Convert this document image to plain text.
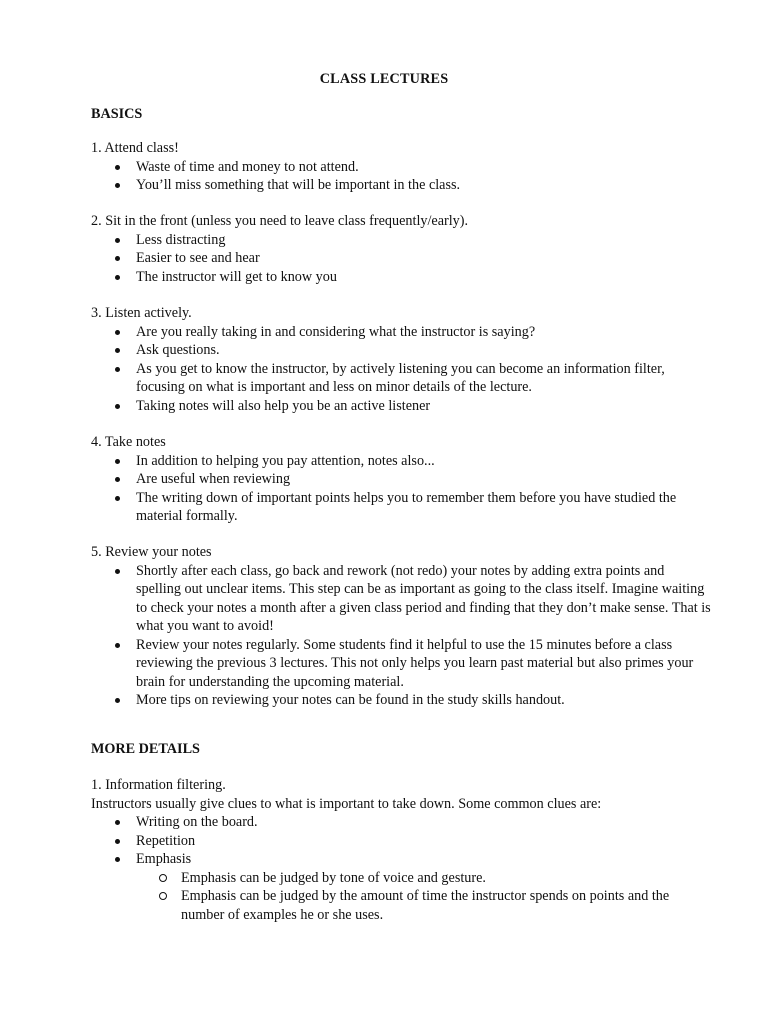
CLASS LECTURES
BASICS

1. Attend class!

Waste of time and money to not attend.
You’ll miss something that will be important in the class.

2. Sit in the front (unless you need to leave class frequently/early).

Less distracting
Easier to see and hear
The instructor will get to know you

3. Listen actively.

Are you really taking in and considering what the instructor is saying?
Ask questions.
As you get to know the instructor, by actively listening you can become an information filter, focusing on what is important and less on minor details of the lecture.
Taking notes will also help you be an active listener

4. Take notes

In addition to helping you pay attention, notes also...
Are useful when reviewing
The writing down of important points helps you to remember them before you have studied the material formally.

5. Review your notes

Shortly after each class, go back and rework (not redo) your notes by adding extra points and spelling out unclear items. This step can be as important as going to the class itself. Imagine waiting to check your notes a month after a given class period and finding that they don’t make sense. That is what you want to avoid!
Review your notes regularly. Some students find it helpful to use the 15 minutes before a class reviewing the previous 3 lectures. This not only helps you learn past material but also primes your brain for understanding the upcoming material.
More tips on reviewing your notes can be found in the study skills handout.
MORE DETAILS

1. Information filtering.

Instructors usually give clues to what is important to take down. Some common clues are:

Writing on the board.
Repetition
Emphasis
Emphasis can be judged by tone of voice and gesture.
Emphasis can be judged by the amount of time the instructor spends on points and the number of examples he or she uses.
